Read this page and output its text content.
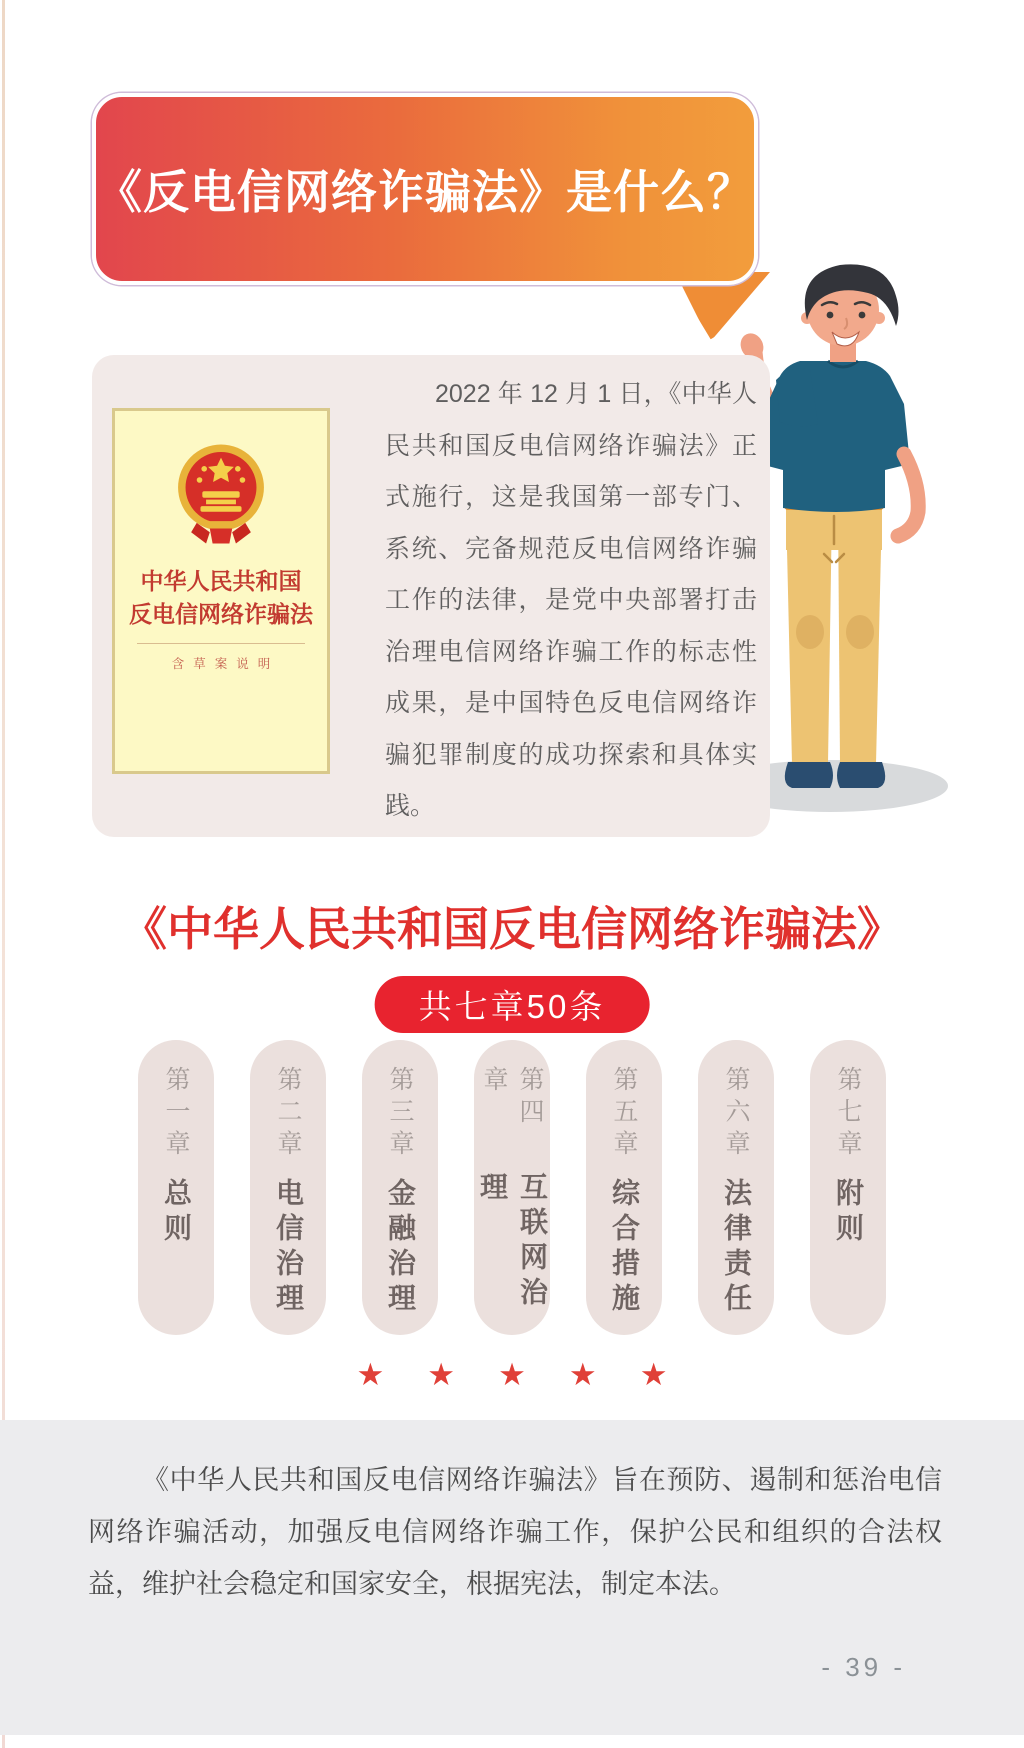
《反电信网络诈骗法》是什么？
中华人民共和国
反电信网络诈骗法
含草案说明

2022 年 12 月 1 日，《中华人民共和国反电信网络诈骗法》正式施行，这是我国第一部专门、系统、完备规范反电信网络诈骗工作的法律，是党中央部署打击治理电信网络诈骗工作的标志性成果，是中国特色反电信网络诈骗犯罪制度的成功探索和具体实践。

《中华人民共和国反电信网络诈骗法》
共七章50条
第一章
总则
第二章
电信治理
第三章
金融治理
第四章
互联网治理
第五章
综合措施
第六章
法律责任
第七章
附则
★ ★ ★ ★ ★

《中华人民共和国反电信网络诈骗法》旨在预防、遏制和惩治电信网络诈骗活动，加强反电信网络诈骗工作，保护公民和组织的合法权益，维护社会稳定和国家安全，根据宪法，制定本法。

- 39 -
